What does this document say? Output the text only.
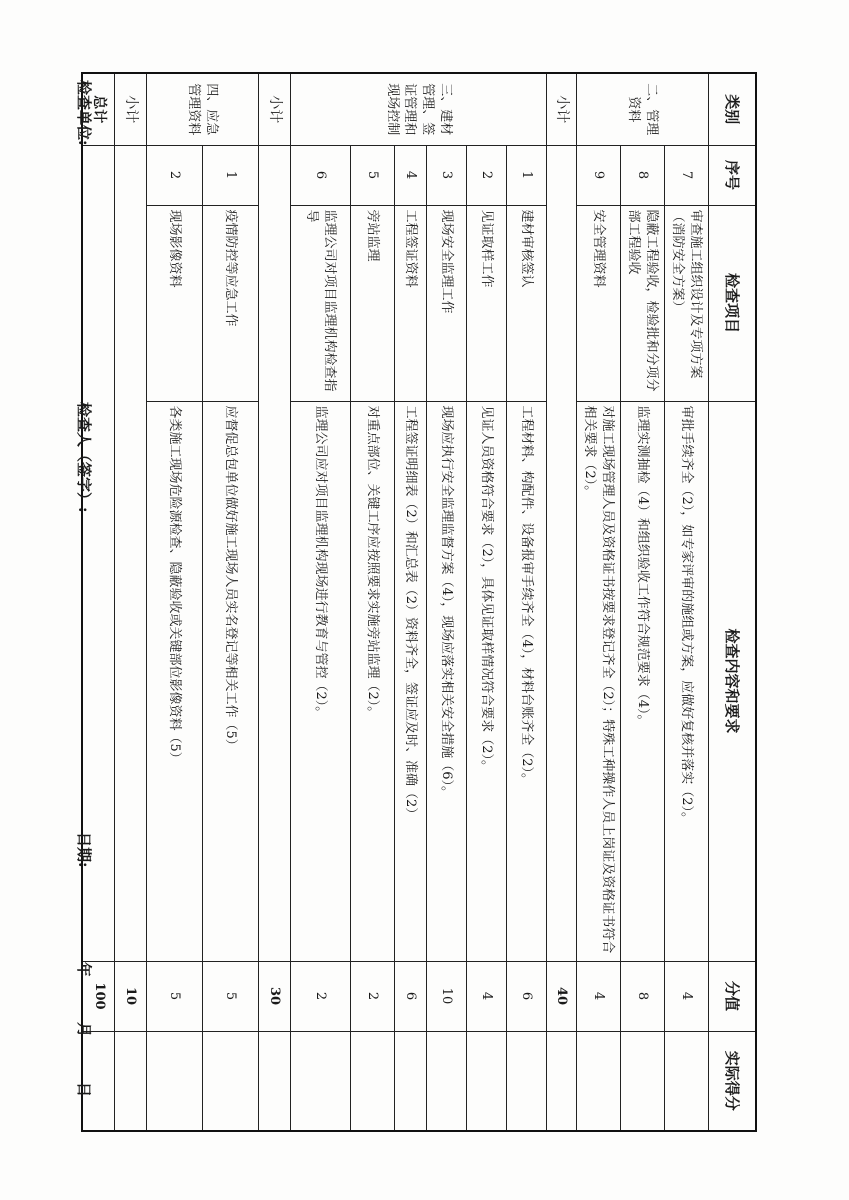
类别	序号	检查项目	检查内容和要求	分值	实际得分
二、管理资料	7	审查施工组织设计及专项方案（消防安全方案）	审批手续齐全（2），如专家评审的施组或方案，应做好复核并落实（2）。	4	
	8	隐蔽工程验收，检验批和分项分部工程验收	监理实测抽检（4）和组织验收工作符合规范要求（4）。	8	
	9	安全管理资料	对施工现场管理人员及资格证书按要求登记齐全（2）；特殊工种操作人员上岗证及资格证书符合相关要求（2）。	4	
小计				40	
三、建材管理、签证管理和现场控制	1	建材审核签认	工程材料、构配件、设备报审手续齐全（4），材料台账齐全（2）。	6	
	2	见证取样工作	见证人员资格符合要求（2），具体见证取样情况符合要求（2）。	4	
	3	现场安全监理工作	现场应执行安全监理监督方案（4），现场应落实相关安全措施（6）。	10	
	4	工程签证资料	工程签证明细表（2）和汇总表（2）资料齐全，签证应及时、准确（2）	6	
	5	旁站监理	对重点部位、关键工序应按照要求实施旁站监理（2）。	2	
	6	监理公司对项目监理机构检查指导	监理公司应对项目监理机构现场进行教育与管控（2）。	2	
小计				30	
四、应急管理资料	1	疫情防控等应急工作	应督促总包单位做好施工现场人员实名登记等相关工作（5）	5	
	2	现场影像资料	各类施工现场危险源检查、隐蔽验收或关键部位影像资料（5）	5	
小计				10	
总计				100	
检查单位:
检查人（签字）:
日期:
年
月
日
